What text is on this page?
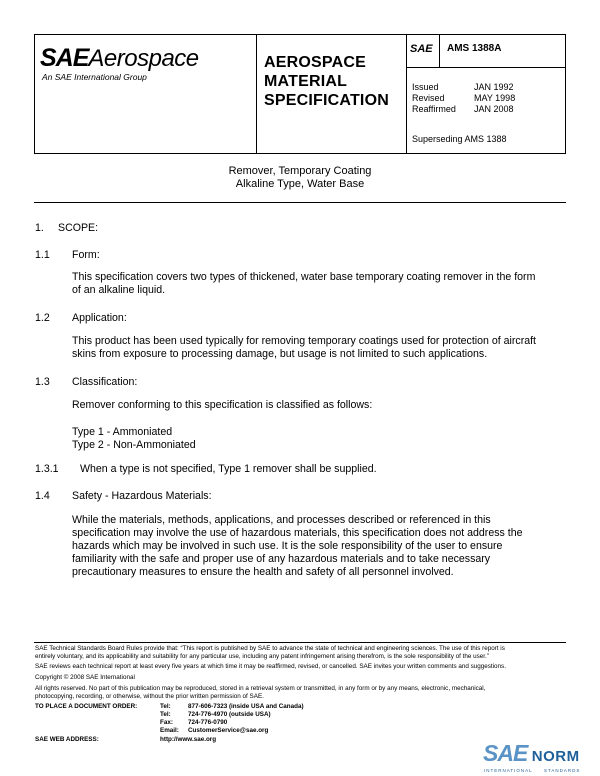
SAEAerospace
An SAE International Group
AEROSPACE
MATERIAL
SPECIFICATION
SAE AMS 1388A
Issued	JAN 1992
Revised	MAY 1998
Reaffirmed JAN 2008
Superseding AMS 1388
Remover, Temporary Coating
Alkaline Type, Water Base
1. SCOPE:
1.1 Form:
This specification covers two types of thickened, water base temporary coating remover in the form
of an alkaline liquid.
1.2 Application:
This product has been used typically for removing temporary coatings used for protection of aircraft
skins from exposure to processing damage, but usage is not limited to such applications.
1.3 Classification:
Remover conforming to this specification is classified as follows:
Type 1 - Ammoniated
Type 2 - Non-Ammoniated
1.3.1 When a type is not specified, Type 1 remover shall be supplied.
1.4 Safety - Hazardous Materials:
While the materials, methods, applications, and processes described or referenced in this
specification may involve the use of hazardous materials, this specification does not address the
hazards which may be involved in such use. It is the sole responsibility of the user to ensure
familiarity with the safe and proper use of any hazardous materials and to take necessary
precautionary measures to ensure the health and safety of all personnel involved.
SAE Technical Standards Board Rules provide that: “This report is published by SAE to advance the state of technical and engineering sciences. The use of this report is
entirely voluntary, and its applicability and suitability for any particular use, including any patent infringement arising therefrom, is the sole responsibility of the user.”
SAE reviews each technical report at least every five years at which time it may be reaffirmed, revised, or cancelled. SAE invites your written comments and suggestions.
Copyright © 2008 SAE International
All rights reserved. No part of this publication may be reproduced, stored in a retrieval system or transmitted, in any form or by any means, electronic, mechanical,
photocopying, recording, or otherwise, without the prior written permission of SAE.
TO PLACE A DOCUMENT ORDER:	Tel:	877-606-7323 (inside USA and Canada)
Tel:	724-776-4970 (outside USA)
Fax: 724-776-0790
Email: CustomerService@sae.org
SAE WEB ADDRESS:	http://www.sae.org
SAE NORM
INTERNATIONAL	STANDARDS
